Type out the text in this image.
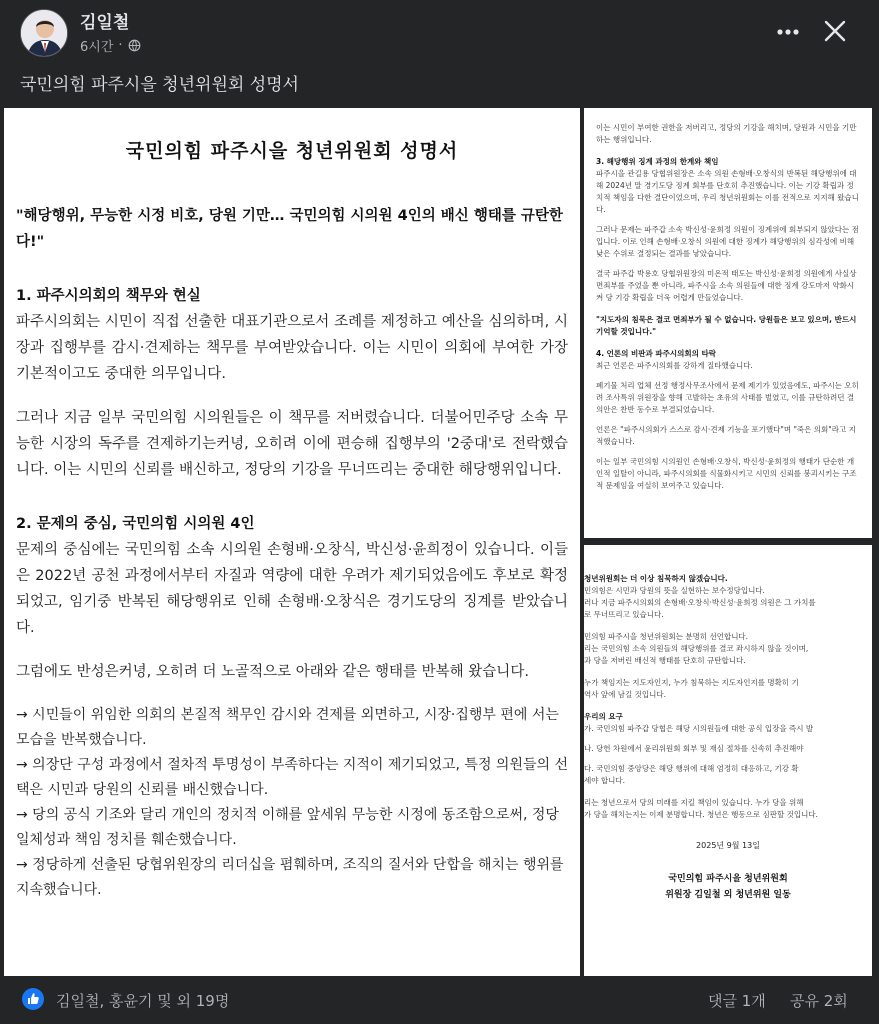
김일철
6시간 ·
국민의힘 파주시을 청년위원회 성명서
국민의힘 파주시을 청년위원회 성명서
"해당행위, 무능한 시정 비호, 당원 기만… 국민의힘 시의원 4인의 배신 행태를 규탄한다!"
1. 파주시의회의 책무와 현실
파주시의회는 시민이 직접 선출한 대표기관으로서 조례를 제정하고 예산을 심의하며, 시장과 집행부를 감시·견제하는 책무를 부여받았습니다. 이는 시민이 의회에 부여한 가장 기본적이고도 중대한 의무입니다.
그러나 지금 일부 국민의힘 시의원들은 이 책무를 저버렸습니다. 더불어민주당 소속 무능한 시장의 독주를 견제하기는커녕, 오히려 이에 편승해 집행부의 '2중대'로 전락했습니다. 이는 시민의 신뢰를 배신하고, 정당의 기강을 무너뜨리는 중대한 해당행위입니다.
2. 문제의 중심, 국민의힘 시의원 4인
문제의 중심에는 국민의힘 소속 시의원 손형배·오창식, 박신성·윤희정이 있습니다. 이들은 2022년 공천 과정에서부터 자질과 역량에 대한 우려가 제기되었음에도 후보로 확정되었고, 임기중 반복된 해당행위로 인해 손형배·오창식은 경기도당의 징계를 받았습니다.
그럼에도 반성은커녕, 오히려 더 노골적으로 아래와 같은 행태를 반복해 왔습니다.
→ 시민들이 위임한 의회의 본질적 책무인 감시와 견제를 외면하고, 시장·집행부 편에 서는 모습을 반복했습니다.
→ 의장단 구성 과정에서 절차적 투명성이 부족하다는 지적이 제기되었고, 특정 의원들의 선택은 시민과 당원의 신뢰를 배신했습니다.
→ 당의 공식 기조와 달리 개인의 정치적 이해를 앞세워 무능한 시정에 동조함으로써, 정당 일체성과 책임 정치를 훼손했습니다.
→ 정당하게 선출된 당협위원장의 리더십을 폄훼하며, 조직의 질서와 단합을 해치는 행위를 지속했습니다.
이는 시민이 부여한 권한을 저버리고, 정당의 기강을 해치며, 당원과 시민을 기만하는 행위입니다.
3. 해당행위 징계 과정의 한계와 책임
파주시을 관길용 당협위원장은 소속 의원 손형배·오창식의 반복된 해당행위에 대해 2024년 말 경기도당 징계 회부를 단호히 추진했습니다. 이는 기강 확립과 정치적 책임을 다한 결단이었으며, 우리 청년위원회는 이를 전적으로 지지해 왔습니다.
그러나 문제는 파주갑 소속 박신성·윤희정 의원이 징계위에 회부되지 않았다는 점입니다. 이로 인해 손형배·오창식 의원에 대한 징계가 해당행위의 심각성에 비해 낮은 수위로 결정되는 결과를 낳았습니다.
결국 파주갑 박용호 당협위원장의 미온적 태도는 박신성·윤희정 의원에게 사실상 면죄부를 주었을 뿐 아니라, 파주시을 소속 의원들에 대한 징계 강도마저 약화시켜 당 기강 확립을 더욱 어렵게 만들었습니다.
"지도자의 침묵은 결코 면죄부가 될 수 없습니다. 당원들은 보고 있으며, 반드시 기억할 것입니다."
4. 언론의 비판과 파주시의회의 타락
최근 언론은 파주시의회를 강하게 질타했습니다.
폐기물 처리 업체 선정 행정사무조사에서 문제 제기가 있었음에도, 파주시는 오히려 조사특위 위원장을 향해 고발하는 초유의 사태를 벌였고, 이를 규탄하려던 결의안은 찬반 동수로 부결되었습니다.
언론은 "파주시의회가 스스로 감시·견제 기능을 포기했다"며 "죽은 의회"라고 지적했습니다.
이는 일부 국민의힘 시의원인 손형배·오창식, 박신성·윤희정의 행태가 단순한 개인적 일탈이 아니라, 파주시의회를 식물화시키고 시민의 신뢰를 붕괴시키는 구조적 문제임을 여실히 보여주고 있습니다.
청년위원회는 더 이상 침묵하지 않겠습니다.
민의힘은 시민과 당원의 뜻을 실현하는 보수정당입니다.
러나 지금 파주시의회의 손형배·오창식·박신성·윤희정 의원은 그 가치를
로 무너뜨리고 있습니다.
민의힘 파주시을 청년위원회는 분명히 선언합니다.
리는 국민의힘 소속 의원들의 해당행위를 결코 좌시하지 않을 것이며,
과 당을 저버린 배신적 행태를 단호히 규탄합니다.
누가 책임지는 지도자인지, 누가 침묵하는 지도자인지를 명확히 기
역사 앞에 남길 것입니다.
우리의 요구
가. 국민의힘 파주갑 당협은 해당 시의원들에 대한 공식 입장을 즉시 발
나. 당헌 차원에서 윤리위원회 회부 및 재심 절차를 신속히 추진해야
다. 국민의힘 중앙당은 해당 행위에 대해 엄정히 대응하고, 기강 확
세야 합니다.
리는 청년으로서 당의 미래를 지킬 책임이 있습니다. 누가 당을 위해
가 당을 해치는지는 이제 분명합니다. 청년은 행동으로 심판할 것입니다.
2025년 9월 13일
국민의힘 파주시을 청년위원회
위원장 김일철 외 청년위원 일동
김일철, 홍윤기 및 외 19명	댓글 1개 공유 2회
